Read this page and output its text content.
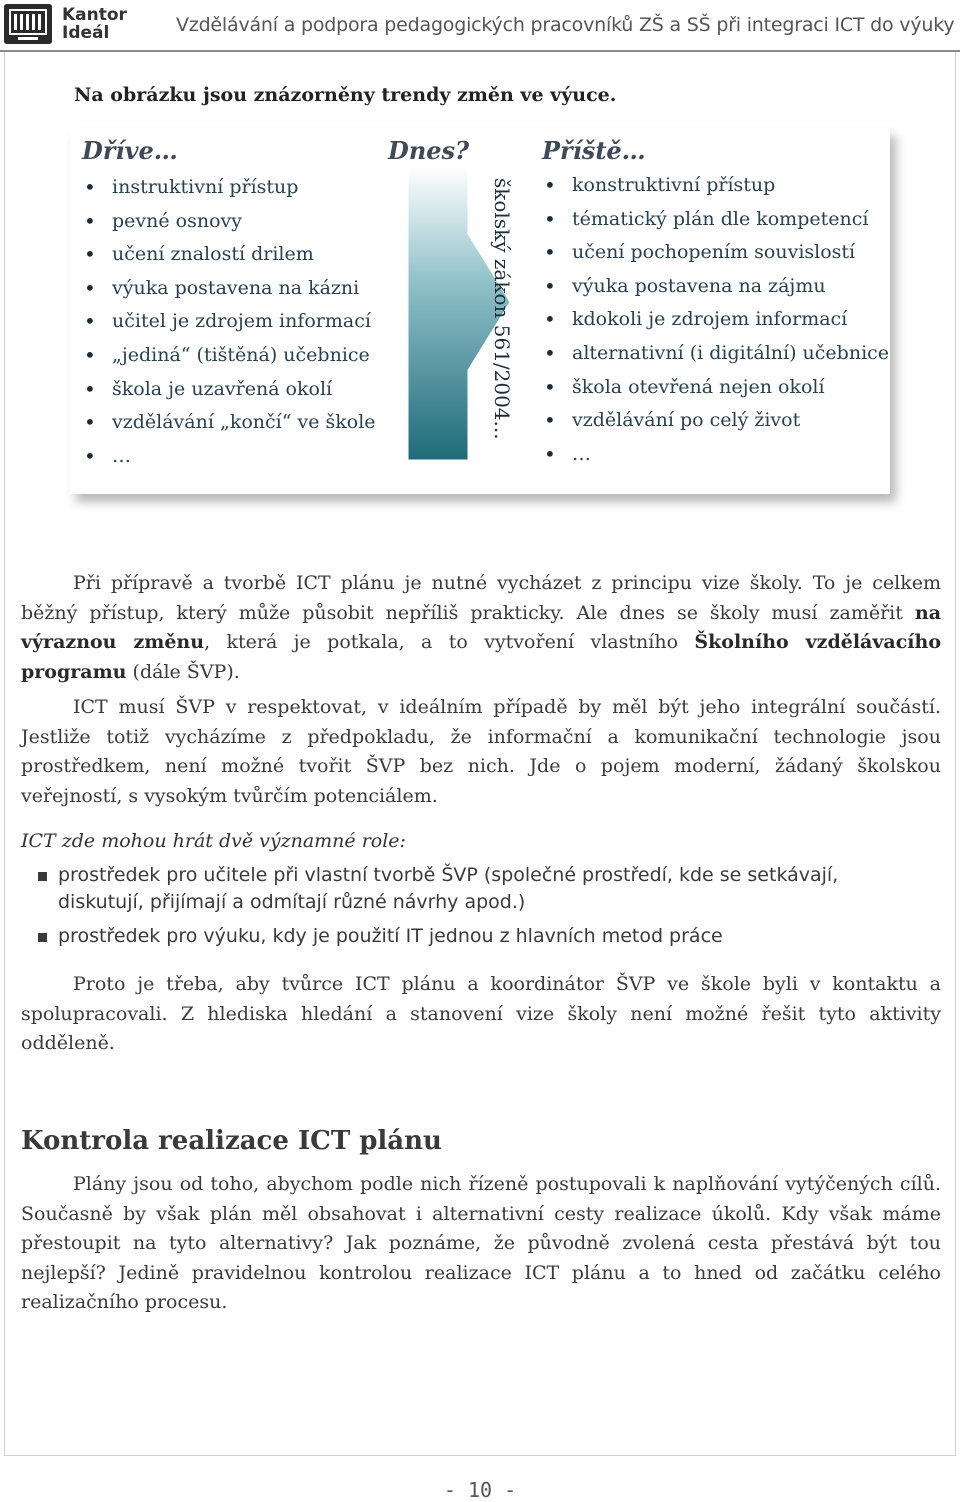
Kantor
Ideál	Vzdělávání a podpora pedagogických pracovníků ZŠ a SŠ při integraci ICT do výuky
Na obrázku jsou znázorněny trendy změn ve výuce.
Dříve…
• instruktivní přístup
• pevné osnovy
• učení znalostí drilem
• výuka postavena na kázni
• učitel je zdrojem informací
• „jediná“ (tištěná) učebnice
• škola je uzavřená okolí
• vzdělávání „končí“ ve škole
• …
Dnes?
školský zákon 561/2004...
Příště…
• konstruktivní přístup
• tématický plán dle kompetencí
• učení pochopením souvislostí
• výuka postavena na zájmu
• kdokoli je zdrojem informací
• alternativní (i digitální) učebnice
• škola otevřená nejen okolí
• vzdělávání po celý život
• …

Při přípravě a tvorbě ICT plánu je nutné vycházet z principu vize školy. To je celkem běžný přístup, který může působit nepříliš prakticky. Ale dnes se školy musí zaměřit na výraznou změnu, která je potkala, a to vytvoření vlastního Školního vzdělávacího programu (dále ŠVP).

ICT musí ŠVP v respektovat, v ideálním případě by měl být jeho integrální součástí. Jestliže totiž vycházíme z předpokladu, že informační a komunikační technologie jsou prostředkem, není možné tvořit ŠVP bez nich. Jde o pojem moderní, žádaný školskou veřejností, s vysokým tvůrčím potenciálem.

ICT zde mohou hrát dvě významné role:
prostředek pro učitele při vlastní tvorbě ŠVP (společné prostředí, kde se setkávají, diskutují, přijímají a odmítají různé návrhy apod.)
prostředek pro výuku, kdy je použití IT jednou z hlavních metod práce

Proto je třeba, aby tvůrce ICT plánu a koordinátor ŠVP ve škole byli v kontaktu a spolupracovali. Z hlediska hledání a stanovení vize školy není možné řešit tyto aktivity odděleně.

Kontrola realizace ICT plánu

Plány jsou od toho, abychom podle nich řízeně postupovali k naplňování vytýčených cílů. Současně by však plán měl obsahovat i alternativní cesty realizace úkolů. Kdy však máme přestoupit na tyto alternativy? Jak poznáme, že původně zvolená cesta přestává být tou nejlepší? Jedině pravidelnou kontrolou realizace ICT plánu a to hned od začátku celého realizačního procesu.

- 10 -
